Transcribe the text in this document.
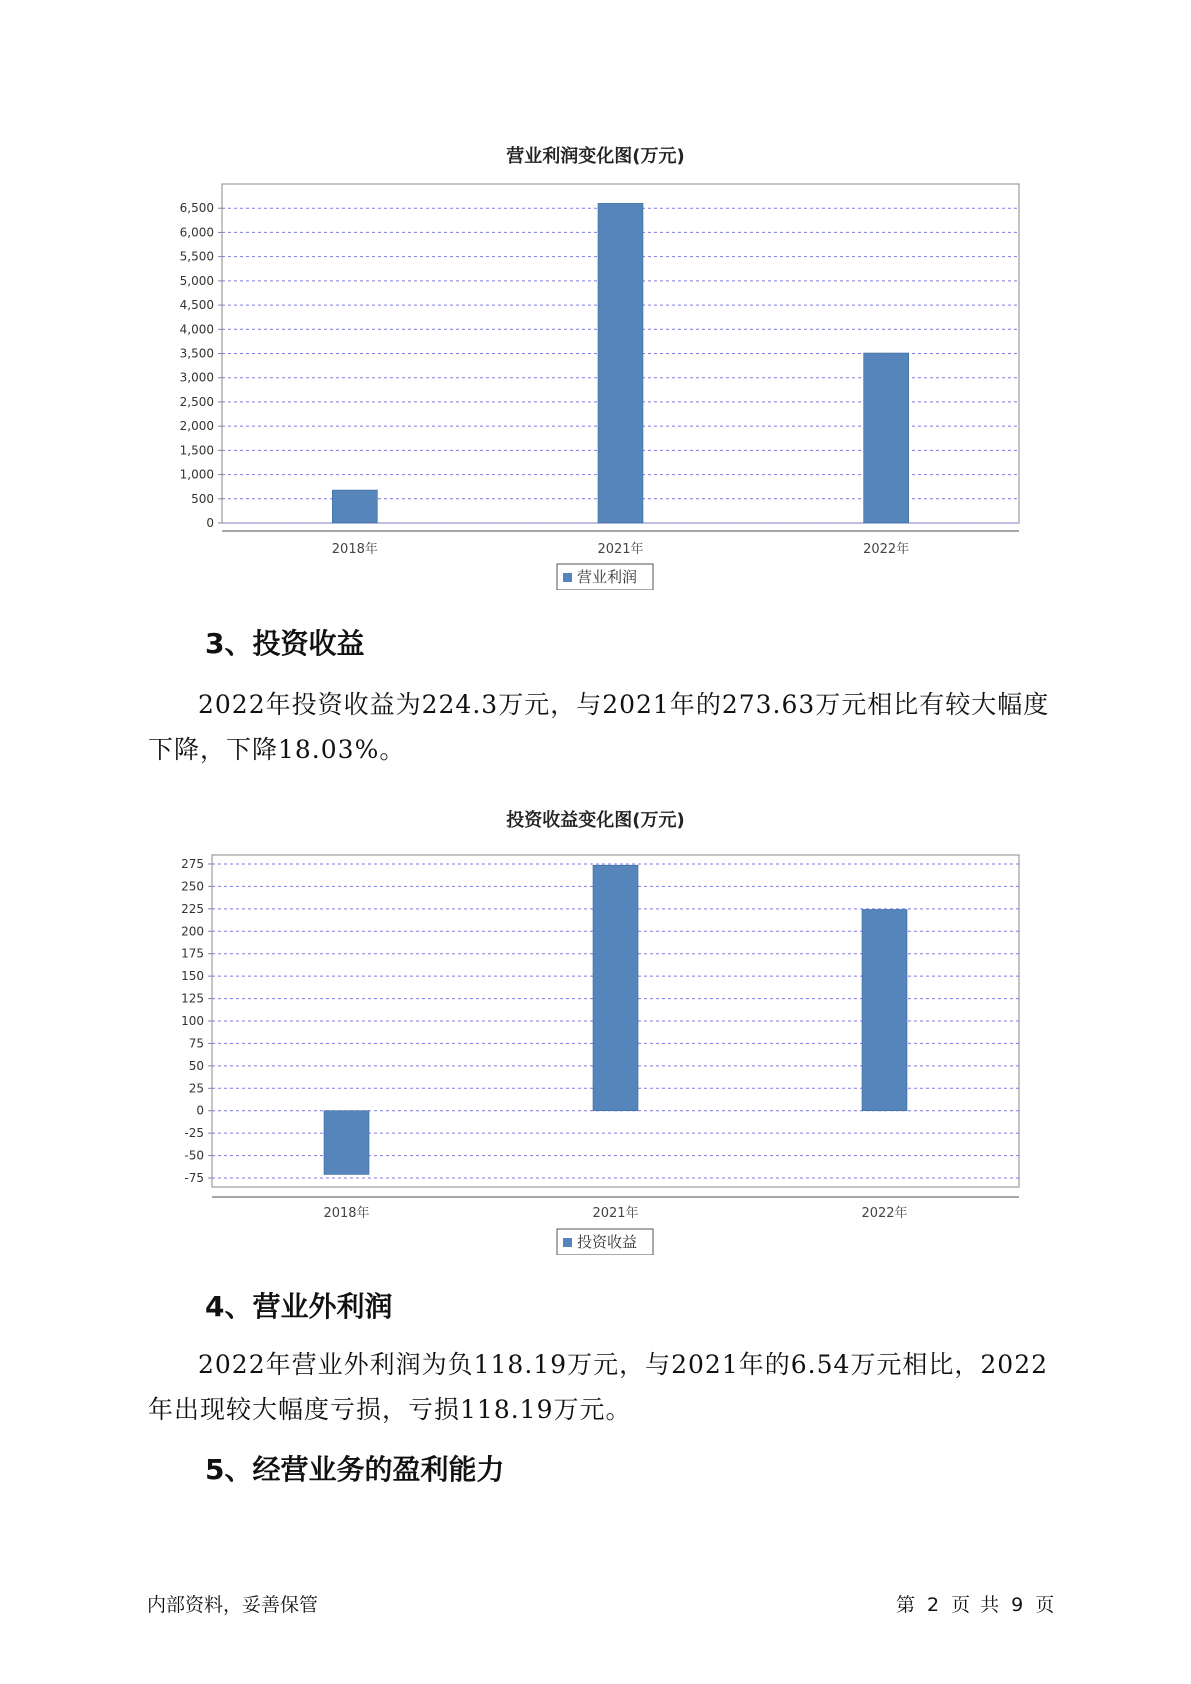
营业利润变化图(万元)
0
500
1,000
1,500
2,000
2,500
3,000
3,500
4,000
4,500
5,000
5,500
6,000
6,500
2018年	2021年	2022年
营业利润
3、投资收益

2022年投资收益为224.3万元，与2021年的273.63万元相比有较大幅度下降，下降18.03%。

投资收益变化图(万元)
-75
-50
-25
0
25
50
75
100
125
150
175
200
225
250
275
2018年	2021年	2022年
投资收益
4、营业外利润

2022年营业外利润为负118.19万元，与2021年的6.54万元相比，2022年出现较大幅度亏损，亏损118.19万元。

5、经营业务的盈利能力
内部资料，妥善保管	第 2 页 共 9 页
